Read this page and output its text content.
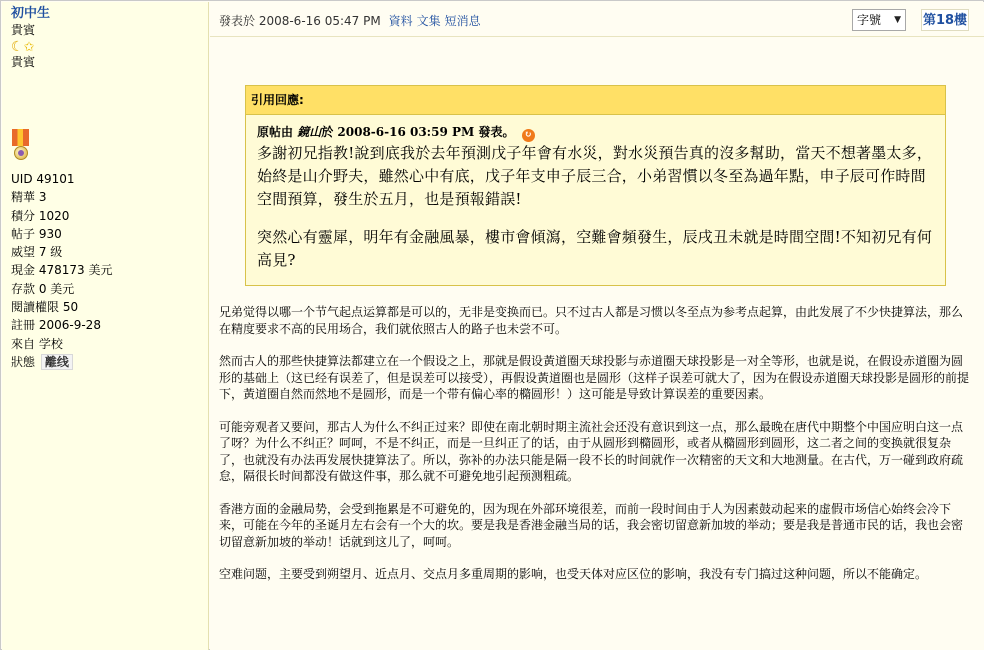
初中生
貴賓
☾✩
貴賓
UID 49101
精華 3
積分 1020
帖子 930
威望 7 级
現金 478173 美元
存款 0 美元
閱讀權限 50
註冊 2006-9-28
來自 学校
狀態 離线
發表於 2008-6-16 05:47 PM 資料 文集 短消息	字號 ▼ 第18樓
引用回應:
原帖由 鏡山於 2008-6-16 03:59 PM 發表。 ↻

多謝初兄指教!說到底我於去年預測戊子年會有水災，對水災預告真的沒多幫助，當天不想著墨太多，始終是山介野夫，雖然心中有底，戊子年支申子辰三合，小弟習慣以冬至為過年點，申子辰可作時間空間預算，發生於五月，也是預報錯誤!

突然心有靈犀，明年有金融風暴，樓市會傾瀉，空難會頻發生，辰戌丑未就是時間空間!不知初兄有何高見?

兄弟觉得以哪一个节气起点运算都是可以的，无非是变换而已。只不过古人都是习惯以冬至点为参考点起算，由此发展了不少快捷算法，那么在精度要求不高的民用场合，我们就依照古人的路子也未尝不可。

然而古人的那些快捷算法都建立在一个假设之上，那就是假设黃道圈天球投影与赤道圈天球投影是一对全等形，也就是说，在假设赤道圈为圆形的基础上（这已经有误差了，但是误差可以接受），再假设黃道圈也是圆形（这样子误差可就大了，因为在假设赤道圈天球投影是圆形的前提下，黃道圈自然而然地不是圆形，而是一个带有偏心率的橢圆形！）这可能是导致计算误差的重要因素。

可能旁观者又要问，那古人为什么不纠正过来？即使在南北朝时期主流社会还没有意识到这一点，那么最晚在唐代中期整个中国应明白这一点了呀？为什么不纠正？呵呵，不是不纠正，而是一旦纠正了的话，由于从圆形到橢圆形，或者从橢圆形到圆形，这二者之间的变换就很复杂了，也就没有办法再发展快捷算法了。所以，弥补的办法只能是隔一段不长的时间就作一次精密的天文和大地测量。在古代，万一碰到政府疏怠，隔很长时间都没有做这件事，那么就不可避免地引起预测粗疏。

香港方面的金融局势，会受到拖累是不可避免的，因为现在外部环境很差，而前一段时间由于人为因素鼓动起来的虚假市场信心始终会冷下来，可能在今年的圣诞月左右会有一个大的坎。要是我是香港金融当局的话，我会密切留意新加坡的举动；要是我是普通市民的话，我也会密切留意新加坡的举动！话就到这儿了，呵呵。

空难问题，主要受到朔望月、近点月、交点月多重周期的影响，也受天体对应区位的影响，我没有专门搞过这种问题，所以不能确定。
